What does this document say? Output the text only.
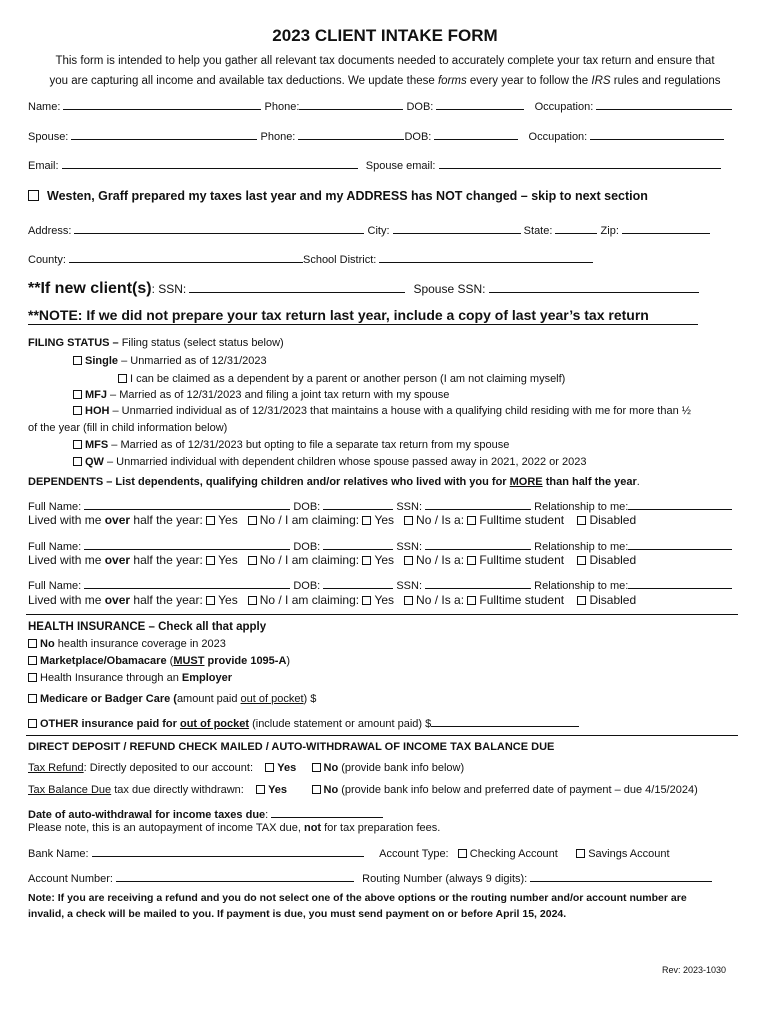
2023 CLIENT INTAKE FORM
This form is intended to help you gather all relevant tax documents needed to accurately complete your tax return and ensure that
you are capturing all income and available tax deductions. We update these forms every year to follow the IRS rules and regulations
Name:	Phone:	DOB:	Occupation:
Spouse:	Phone:	DOB:	Occupation:
Email:	Spouse email:
Westen, Graff prepared my taxes last year and my ADDRESS has NOT changed – skip to next section
Address:	City:	State:	Zip:
County:	School District:
**If new client(s): SSN:	Spouse SSN:
**NOTE: If we did not prepare your tax return last year, include a copy of last year’s tax return
FILING STATUS – Filing status (select status below)
Single – Unmarried as of 12/31/2023
I can be claimed as a dependent by a parent or another person (I am not claiming myself)
MFJ – Married as of 12/31/2023 and filing a joint tax return with my spouse
HOH – Unmarried individual as of 12/31/2023 that maintains a house with a qualifying child residing with me for more than ½
of the year (fill in child information below)
MFS – Married as of 12/31/2023 but opting to file a separate tax return from my spouse
QW – Unmarried individual with dependent children whose spouse passed away in 2021, 2022 or 2023
DEPENDENTS – List dependents, qualifying children and/or relatives who lived with you for MORE than half the year.
Full Name:	DOB:	SSN:	Relationship to me:
Lived with me over half the year: Yes No / I am claiming: Yes No / Is a: Fulltime student Disabled
Full Name:	DOB:	SSN:	Relationship to me:
Lived with me over half the year: Yes No / I am claiming: Yes No / Is a: Fulltime student Disabled
Full Name:	DOB:	SSN:	Relationship to me:
Lived with me over half the year: Yes No / I am claiming: Yes No / Is a: Fulltime student Disabled
HEALTH INSURANCE – Check all that apply
No health insurance coverage in 2023
Marketplace/Obamacare (MUST provide 1095-A)
Health Insurance through an Employer
Medicare or Badger Care (amount paid out of pocket) $
OTHER insurance paid for out of pocket (include statement or amount paid) $
DIRECT DEPOSIT / REFUND CHECK MAILED / AUTO-WITHDRAWAL OF INCOME TAX BALANCE DUE
Tax Refund: Directly deposited to our account: Yes No (provide bank info below)
Tax Balance Due tax due directly withdrawn: Yes	No (provide bank info below and preferred date of payment – due 4/15/2024)
Date of auto-withdrawal for income taxes due:
Please note, this is an autopayment of income TAX due, not for tax preparation fees.
Bank Name:	Account Type: Checking Account	Savings Account
Account Number:	Routing Number (always 9 digits):
Note: If you are receiving a refund and you do not select one of the above options or the routing number and/or account number are
invalid, a check will be mailed to you. If payment is due, you must send payment on or before April 15, 2024.
Rev: 2023-1030
